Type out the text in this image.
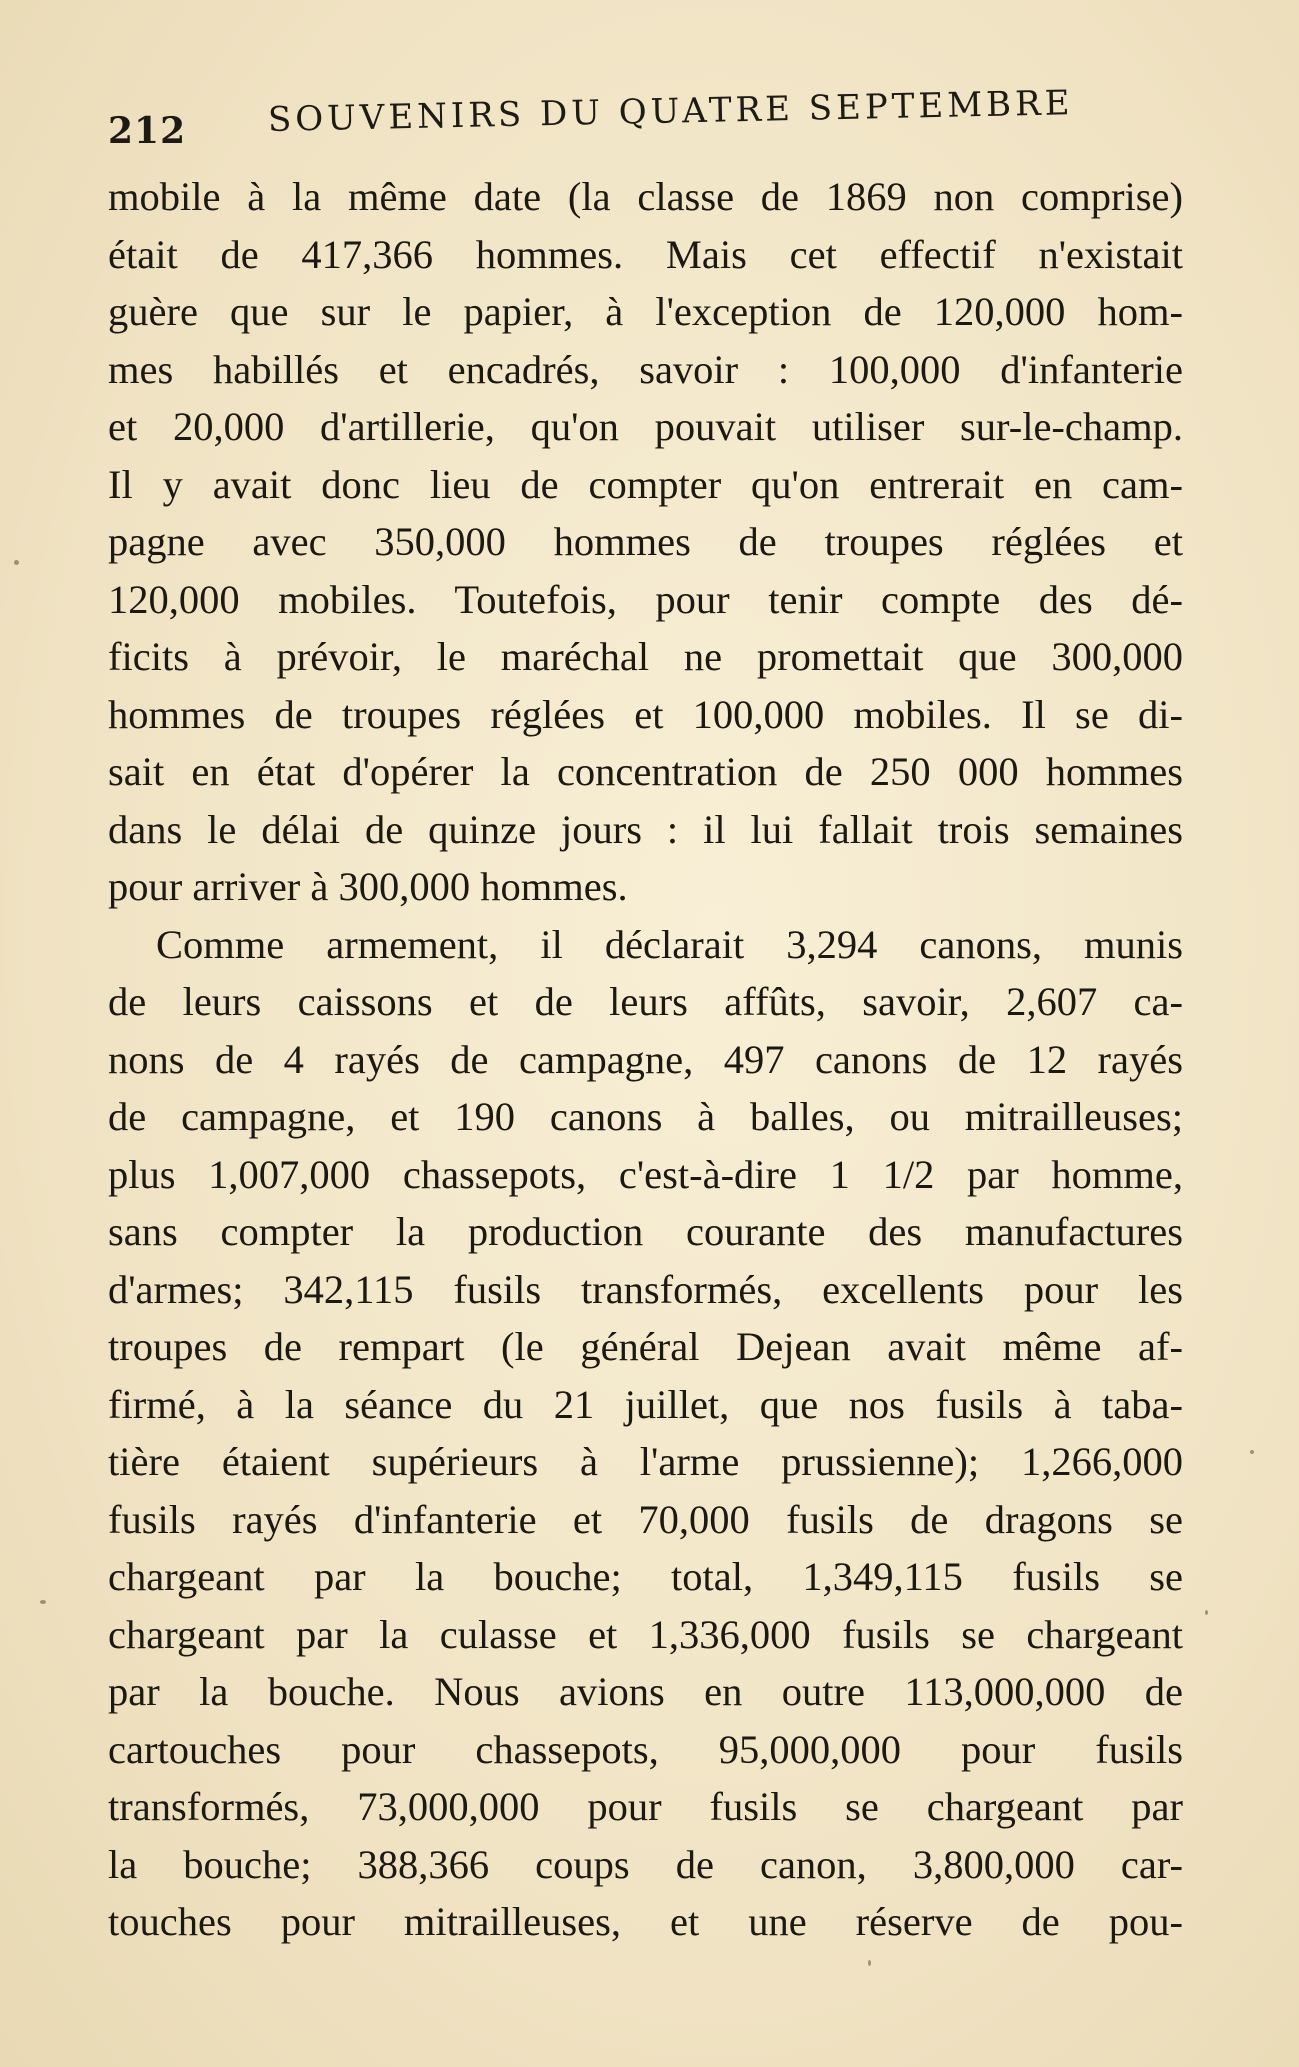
212 SOUVENIRS DU QUATRE SEPTEMBRE
mobile à la même date (la classe de 1869 non comprise)
était de 417,366 hommes. Mais cet effectif n'existait
guère que sur le papier, à l'exception de 120,000 hom-
mes habillés et encadrés, savoir : 100,000 d'infanterie
et 20,000 d'artillerie, qu'on pouvait utiliser sur-le-champ.
Il y avait donc lieu de compter qu'on entrerait en cam-
pagne avec 350,000 hommes de troupes réglées et
120,000 mobiles. Toutefois, pour tenir compte des dé-
ficits à prévoir, le maréchal ne promettait que 300,000
hommes de troupes réglées et 100,000 mobiles. Il se di-
sait en état d'opérer la concentration de 250 000 hommes
dans le délai de quinze jours : il lui fallait trois semaines
pour arriver à 300,000 hommes.
Comme armement, il déclarait 3,294 canons, munis
de leurs caissons et de leurs affûts, savoir, 2,607 ca-
nons de 4 rayés de campagne, 497 canons de 12 rayés
de campagne, et 190 canons à balles, ou mitrailleuses;
plus 1,007,000 chassepots, c'est-à-dire 1 1/2 par homme,
sans compter la production courante des manufactures
d'armes; 342,115 fusils transformés, excellents pour les
troupes de rempart (le général Dejean avait même af-
firmé, à la séance du 21 juillet, que nos fusils à taba-
tière étaient supérieurs à l'arme prussienne); 1,266,000
fusils rayés d'infanterie et 70,000 fusils de dragons se
chargeant par la bouche; total, 1,349,115 fusils se
chargeant par la culasse et 1,336,000 fusils se chargeant
par la bouche. Nous avions en outre 113,000,000 de
cartouches pour chassepots, 95,000,000 pour fusils
transformés, 73,000,000 pour fusils se chargeant par
la bouche; 388,366 coups de canon, 3,800,000 car-
touches pour mitrailleuses, et une réserve de pou-
